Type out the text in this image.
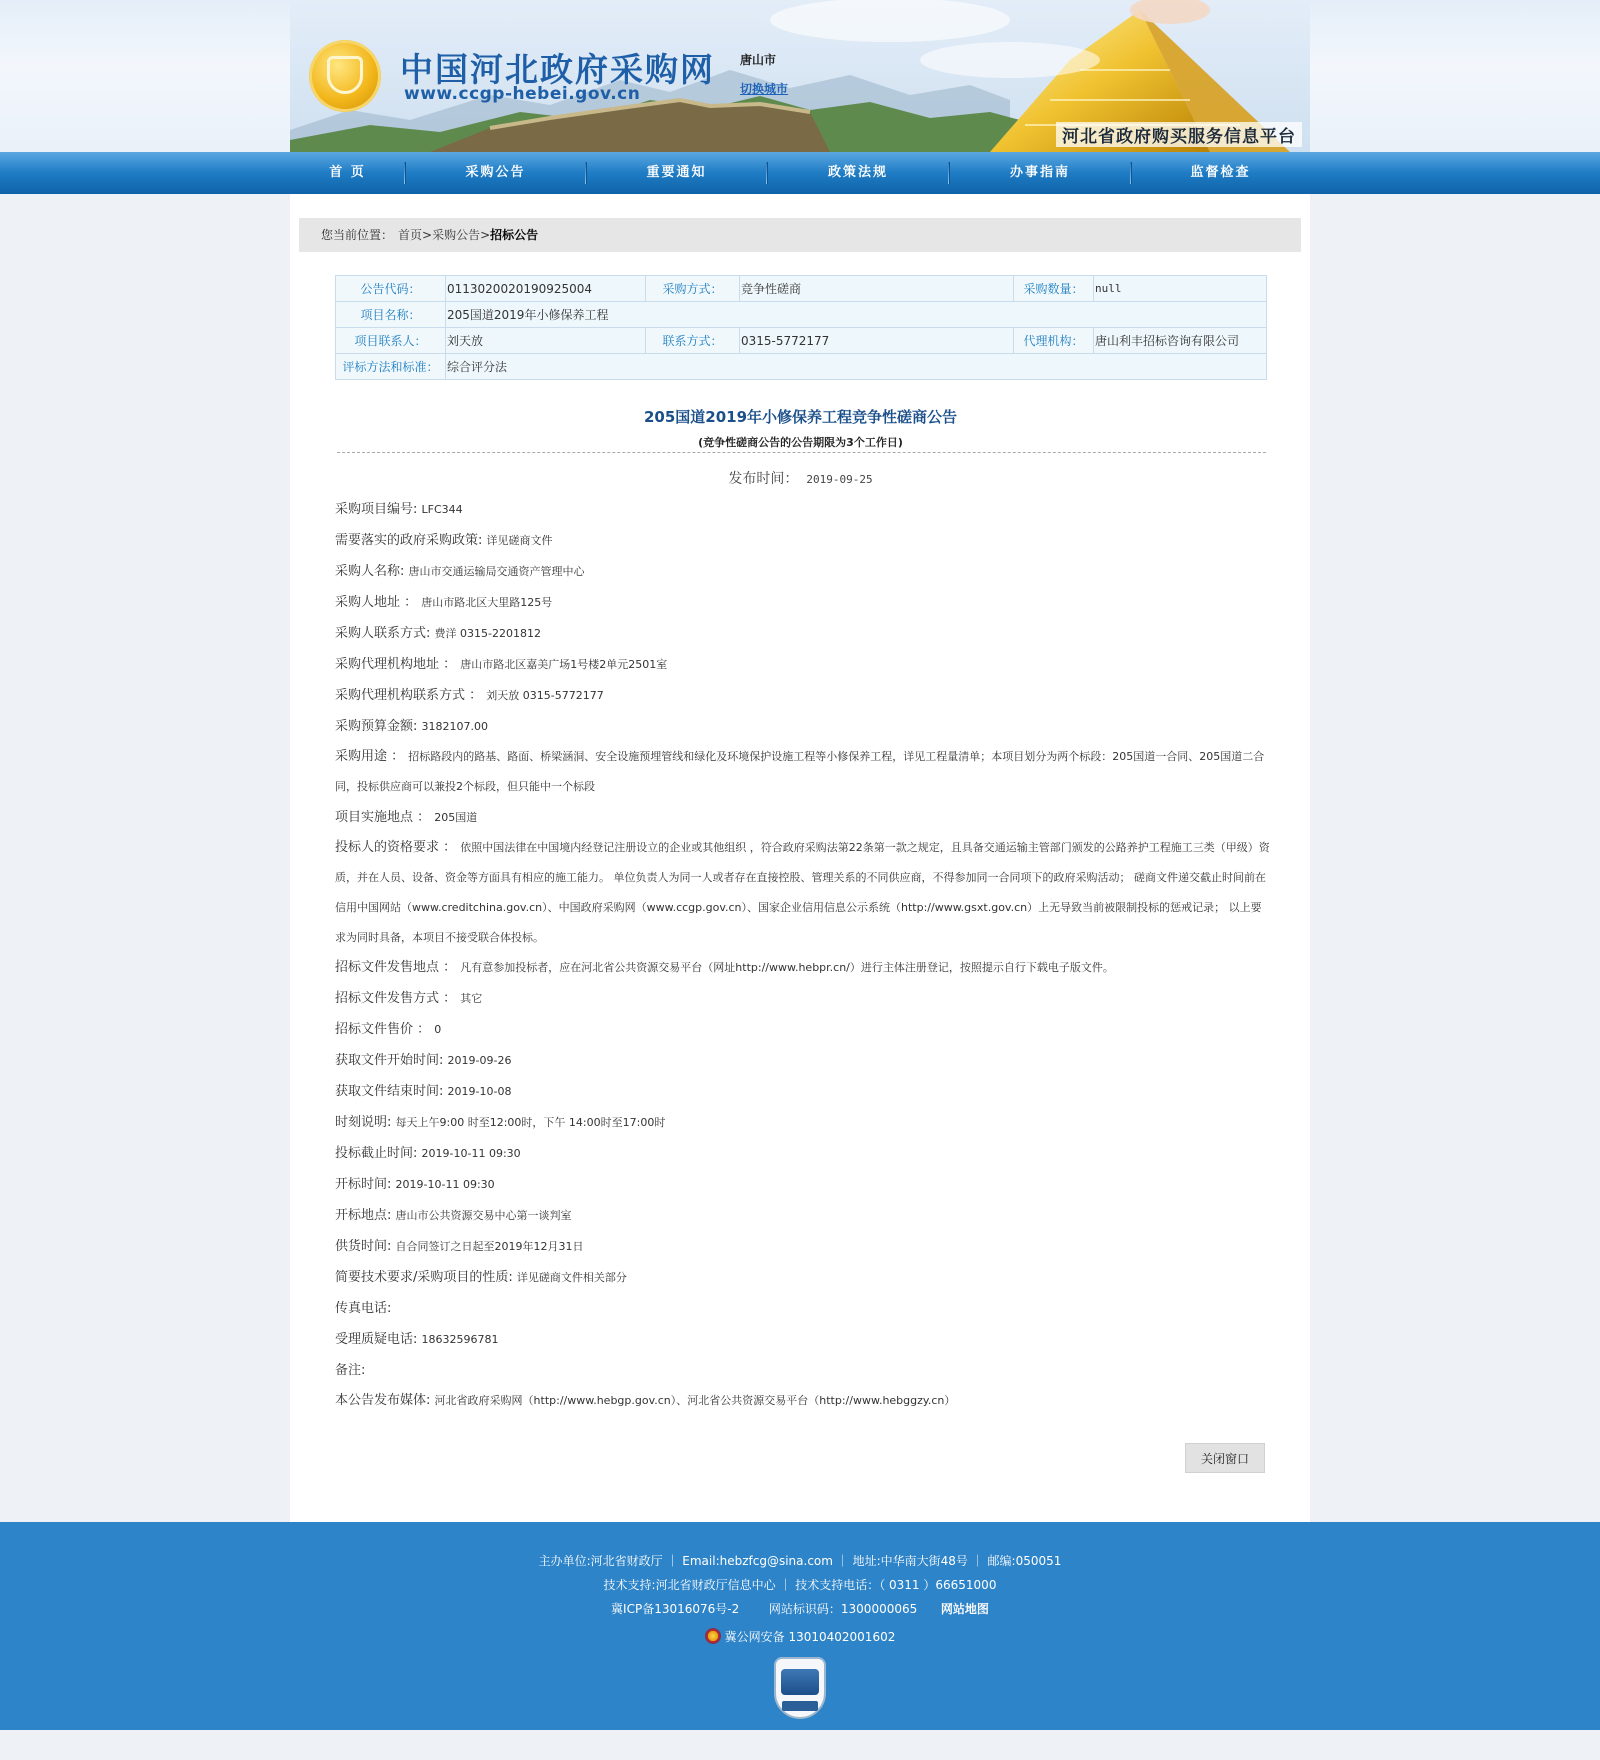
中国河北政府采购网
www.ccgp-hebei.gov.cn
唐山市
切换城市
河北省政府购买服务信息平台
首 页	采购公告	重要通知	政策法规	办事指南	监督检查
您当前位置： 首页>采购公告>招标公告
公告代码：	0113020020190925004	采购方式：	竞争性磋商	采购数量：	null
项目名称：	205国道2019年小修保养工程				
项目联系人：	刘天放	联系方式：	0315-5772177	代理机构：	唐山利丰招标咨询有限公司
评标方法和标准：	综合评分法				
205国道2019年小修保养工程竞争性磋商公告
(竞争性磋商公告的公告期限为3个工作日)
发布时间： 2019-09-25
采购项目编号: LFC344
需要落实的政府采购政策: 详见磋商文件
采购人名称: 唐山市交通运输局交通资产管理中心
采购人地址 ： 唐山市路北区大里路125号
采购人联系方式: 费洋 0315-2201812
采购代理机构地址 ： 唐山市路北区嘉美广场1号楼2单元2501室
采购代理机构联系方式 ： 刘天放 0315-5772177
采购预算金额: 3182107.00
采购用途 ： 招标路段内的路基、路面、桥梁涵洞、安全设施预埋管线和绿化及环境保护设施工程等小修保养工程，详见工程量清单；本项目划分为两个标段：205国道一合同、205国道二合同，投标供应商可以兼投2个标段，但只能中一个标段
项目实施地点 ： 205国道
投标人的资格要求 ： 依照中国法律在中国境内经登记注册设立的企业或其他组织 ，符合政府采购法第22条第一款之规定，且具备交通运输主管部门颁发的公路养护工程施工三类（甲级）资质，并在人员、设备、资金等方面具有相应的施工能力。 单位负责人为同一人或者存在直接控股、管理关系的不同供应商，不得参加同一合同项下的政府采购活动； 磋商文件递交截止时间前在信用中国网站（www.creditchina.gov.cn）、中国政府采购网（www.ccgp.gov.cn）、国家企业信用信息公示系统（http://www.gsxt.gov.cn）上无导致当前被限制投标的惩戒记录； 以上要求为同时具备，本项目不接受联合体投标。
招标文件发售地点 ： 凡有意参加投标者，应在河北省公共资源交易平台（网址http://www.hebpr.cn/）进行主体注册登记，按照提示自行下载电子版文件。
招标文件发售方式 ： 其它
招标文件售价 ： 0
获取文件开始时间: 2019-09-26
获取文件结束时间: 2019-10-08
时刻说明: 每天上午9:00 时至12:00时，下午 14:00时至17:00时
投标截止时间: 2019-10-11 09:30
开标时间: 2019-10-11 09:30
开标地点: 唐山市公共资源交易中心第一谈判室
供货时间: 自合同签订之日起至2019年12月31日
简要技术要求/采购项目的性质: 详见磋商文件相关部分
传真电话:
受理质疑电话: 18632596781
备注:
本公告发布媒体: 河北省政府采购网（http://www.hebgp.gov.cn）、河北省公共资源交易平台（http://www.hebggzy.cn）
关闭窗口
主办单位:河北省财政厅 ｜ Email:hebzfcg@sina.com ｜ 地址:中华南大街48号 ｜ 邮编:050051
技术支持:河北省财政厅信息中心 ｜ 技术支持电话：（ 0311 ）66651000
冀ICP备13016076号-2 网站标识码：1300000065 网站地图
冀公网安备 13010402001602
